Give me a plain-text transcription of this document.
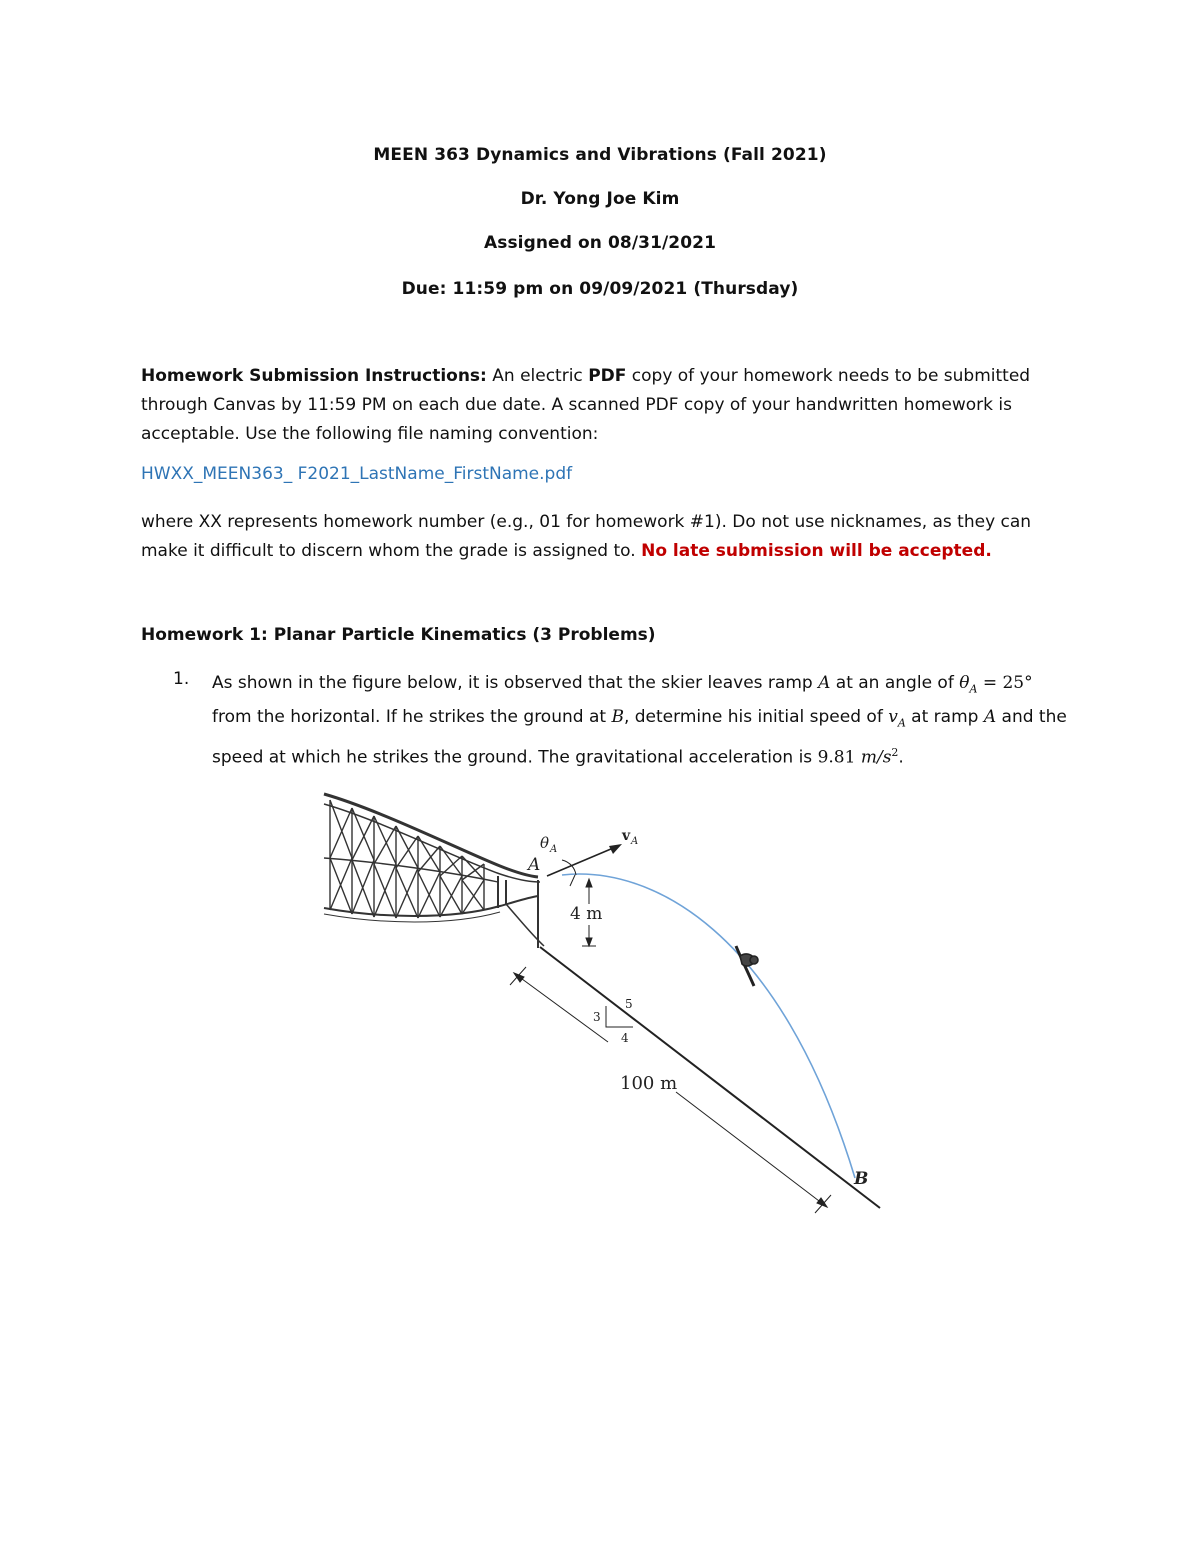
MEEN 363 Dynamics and Vibrations (Fall 2021)
Dr. Yong Joe Kim
Assigned on 08/31/2021
Due: 11:59 pm on 09/09/2021 (Thursday)
Homework Submission Instructions: An electric PDF copy of your homework needs to be submitted through Canvas by 11:59 PM on each due date. A scanned PDF copy of your handwritten homework is acceptable. Use the following file naming convention:
HWXX_MEEN363_ F2021_LastName_FirstName.pdf
where XX represents homework number (e.g., 01 for homework #1). Do not use nicknames, as they can make it difficult to discern whom the grade is assigned to. No late submission will be accepted.
Homework 1: Planar Particle Kinematics (3 Problems)
1. As shown in the figure below, it is observed that the skier leaves ramp A at an angle of $\theta_A = 25^\circ$ from the horizontal. If he strikes the ground at B, determine his initial speed of $v_A$ at ramp A and the speed at which he strikes the ground. The gravitational acceleration is 9.81 $m/s^2$.
θ A
A
v A
4 m
3
5
4
100 m
B
